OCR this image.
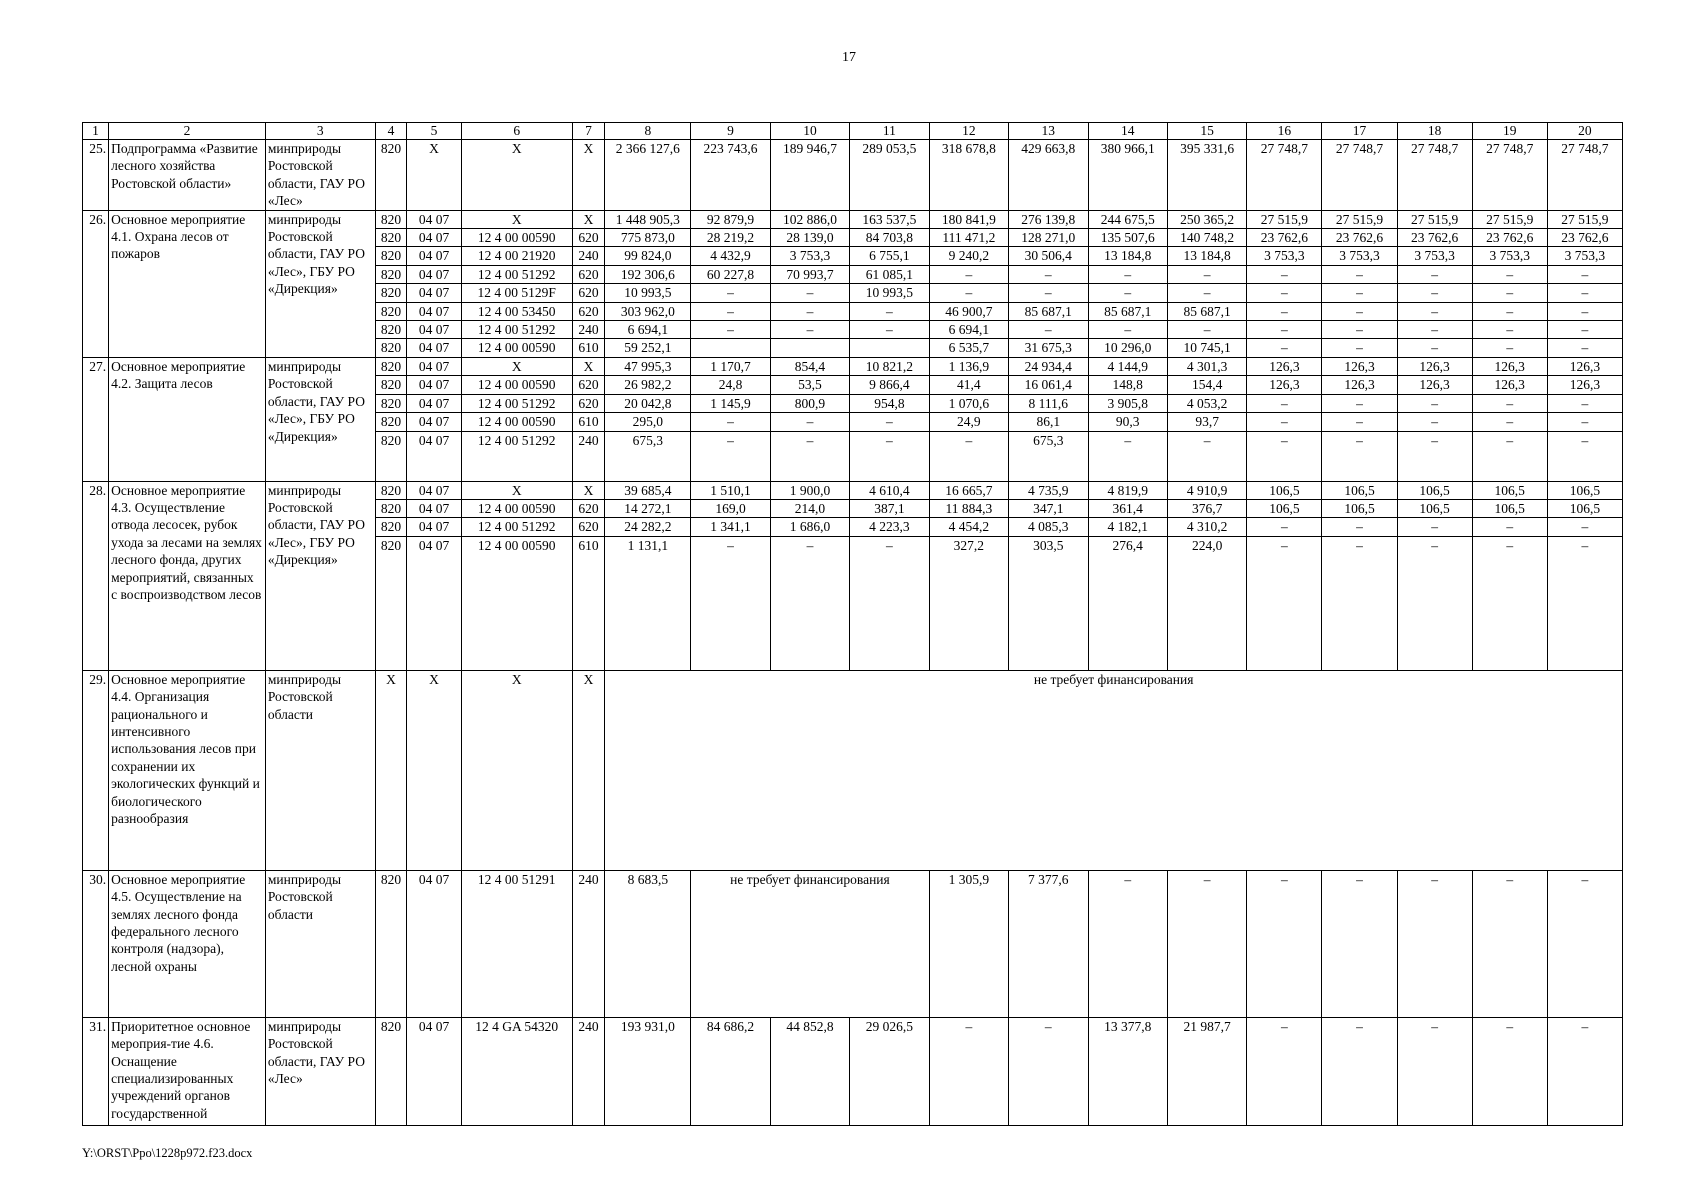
17
1	2	3	4	5	6	7	8	9	10	11	12	13	14	15	16	17	18	19	20
25.	Подпрограмма «Развитие лесного хозяйства Ростовской области»	минприроды Ростовской области, ГАУ РО «Лес»	820	X	X	X	2 366 127,6	223 743,6	189 946,7	289 053,5	318 678,8	429 663,8	380 966,1	395 331,6	27 748,7	27 748,7	27 748,7	27 748,7	27 748,7
26.	Основное мероприятие 4.1. Охрана лесов от пожаров	минприроды Ростовской области, ГАУ РО «Лес», ГБУ РО «Дирекция»	820	04 07	X	X	1 448 905,3	92 879,9	102 886,0	163 537,5	180 841,9	276 139,8	244 675,5	250 365,2	27 515,9	27 515,9	27 515,9	27 515,9	27 515,9
			820	04 07	12 4 00 00590	620	775 873,0	28 219,2	28 139,0	84 703,8	111 471,2	128 271,0	135 507,6	140 748,2	23 762,6	23 762,6	23 762,6	23 762,6	23 762,6
			820	04 07	12 4 00 21920	240	99 824,0	4 432,9	3 753,3	6 755,1	9 240,2	30 506,4	13 184,8	13 184,8	3 753,3	3 753,3	3 753,3	3 753,3	3 753,3
			820	04 07	12 4 00 51292	620	192 306,6	60 227,8	70 993,7	61 085,1	–	–	–	–	–	–	–	–	–
			820	04 07	12 4 00 5129F	620	10 993,5	–	–	10 993,5	–	–	–	–	–	–	–	–	–
			820	04 07	12 4 00 53450	620	303 962,0	–	–	–	46 900,7	85 687,1	85 687,1	85 687,1	–	–	–	–	–
			820	04 07	12 4 00 51292	240	6 694,1	–	–	–	6 694,1	–	–	–	–	–	–	–	–
			820	04 07	12 4 00 00590	610	59 252,1				6 535,7	31 675,3	10 296,0	10 745,1	–	–	–	–	–
27.	Основное мероприятие 4.2. Защита лесов	минприроды Ростовской области, ГАУ РО «Лес», ГБУ РО «Дирекция»	820	04 07	X	X	47 995,3	1 170,7	854,4	10 821,2	1 136,9	24 934,4	4 144,9	4 301,3	126,3	126,3	126,3	126,3	126,3
			820	04 07	12 4 00 00590	620	26 982,2	24,8	53,5	9 866,4	41,4	16 061,4	148,8	154,4	126,3	126,3	126,3	126,3	126,3
			820	04 07	12 4 00 51292	620	20 042,8	1 145,9	800,9	954,8	1 070,6	8 111,6	3 905,8	4 053,2	–	–	–	–	–
			820	04 07	12 4 00 00590	610	295,0	–	–	–	24,9	86,1	90,3	93,7	–	–	–	–	–
			820	04 07	12 4 00 51292	240	675,3	–	–	–	–	675,3	–	–	–	–	–	–	–
28.	Основное мероприятие 4.3. Осуществление отвода лесосек, рубок ухода за лесами на землях лесного фонда, других мероприятий, связанных с воспроизводством лесов	минприроды Ростовской области, ГАУ РО «Лес», ГБУ РО «Дирекция»	820	04 07	X	X	39 685,4	1 510,1	1 900,0	4 610,4	16 665,7	4 735,9	4 819,9	4 910,9	106,5	106,5	106,5	106,5	106,5
			820	04 07	12 4 00 00590	620	14 272,1	169,0	214,0	387,1	11 884,3	347,1	361,4	376,7	106,5	106,5	106,5	106,5	106,5
			820	04 07	12 4 00 51292	620	24 282,2	1 341,1	1 686,0	4 223,3	4 454,2	4 085,3	4 182,1	4 310,2	–	–	–	–	–
			820	04 07	12 4 00 00590	610	1 131,1	–	–	–	327,2	303,5	276,4	224,0	–	–	–	–	–
29.	Основное мероприятие 4.4. Организация рационального и интенсивного использования лесов при сохранении их экологических функций и биологического разнообразия	минприроды Ростовской области	X	X	X	X	не требует финансирования												
30.	Основное мероприятие 4.5. Осуществление на землях лесного фонда федерального лесного контроля (надзора), лесной охраны	минприроды Ростовской области	820	04 07	12 4 00 51291	240	8 683,5	не требует финансирования			1 305,9	7 377,6	–	–	–	–	–	–	–
31.	Приоритетное основное мероприя-тие 4.6. Оснащение специализированных учреждений органов государственной	минприроды Ростовской области, ГАУ РО «Лес»	820	04 07	12 4 GA 54320	240	193 931,0	84 686,2	44 852,8	29 026,5	–	–	13 377,8	21 987,7	–	–	–	–	–
Y:\ORST\Ppo\1228p972.f23.docx
